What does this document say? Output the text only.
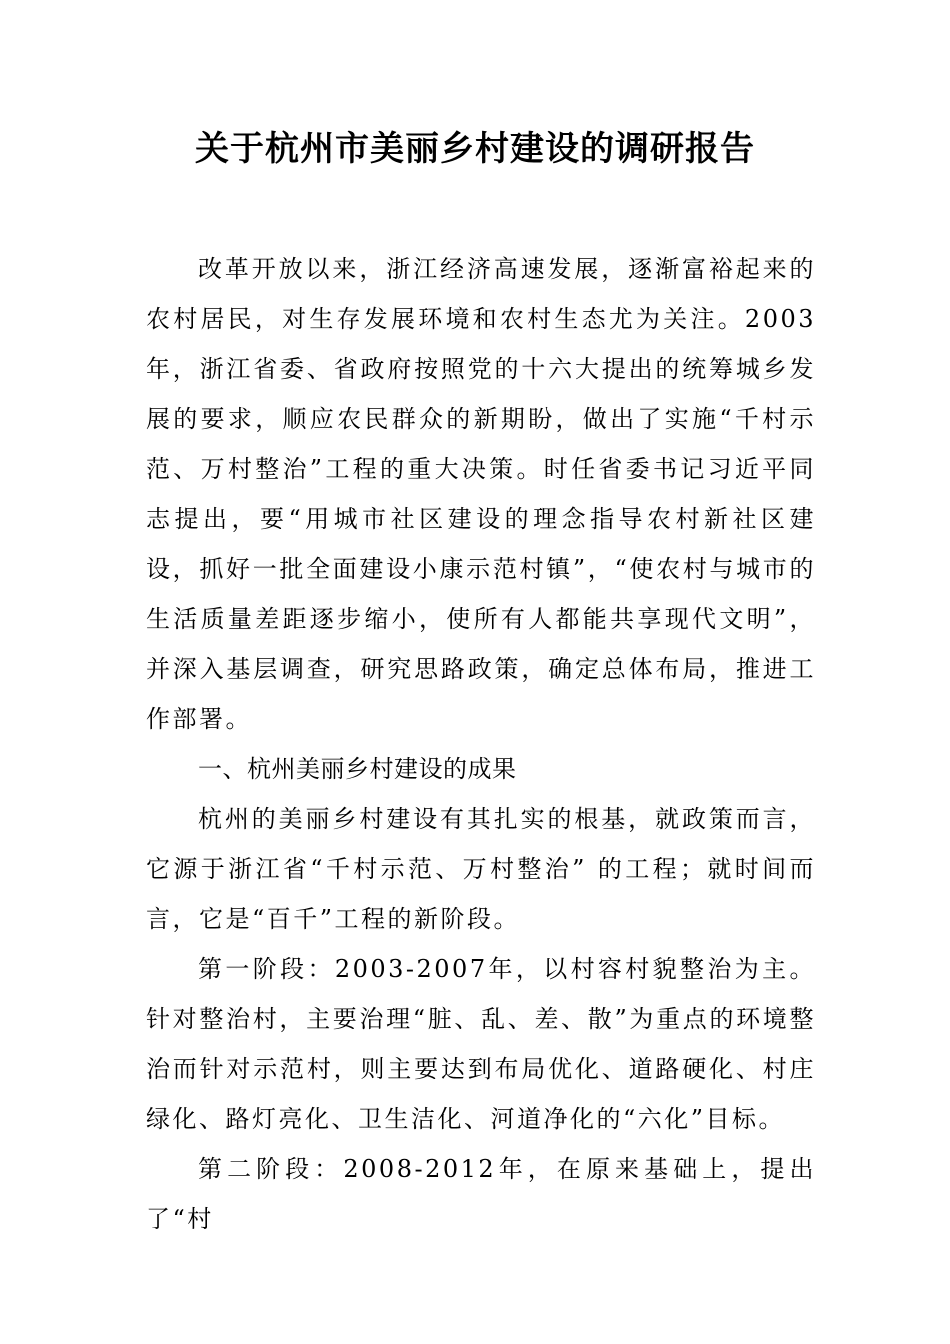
关于杭州市美丽乡村建设的调研报告

改革开放以来，浙江经济高速发展，逐渐富裕起来的农村居民，对生存发展环境和农村生态尤为关注。2003年，浙江省委、省政府按照党的十六大提出的统筹城乡发展的要求，顺应农民群众的新期盼，做出了实施“千村示范、万村整治”工程的重大决策。时任省委书记习近平同志提出，要“用城市社区建设的理念指导农村新社区建设，抓好一批全面建设小康示范村镇”，“使农村与城市的生活质量差距逐步缩小，使所有人都能共享现代文明”，并深入基层调查，研究思路政策，确定总体布局，推进工作部署。

一、杭州美丽乡村建设的成果

杭州的美丽乡村建设有其扎实的根基，就政策而言，它源于浙江省“千村示范、万村整治” 的工程；就时间而言，它是“百千”工程的新阶段。

第一阶段：2003-2007年，以村容村貌整治为主。针对整治村，主要治理“脏、乱、差、散”为重点的环境整治而针对示范村，则主要达到布局优化、道路硬化、村庄绿化、路灯亮化、卫生洁化、河道净化的“六化”目标。

第二阶段：2008-2012年，在原来基础上，提出了“村
